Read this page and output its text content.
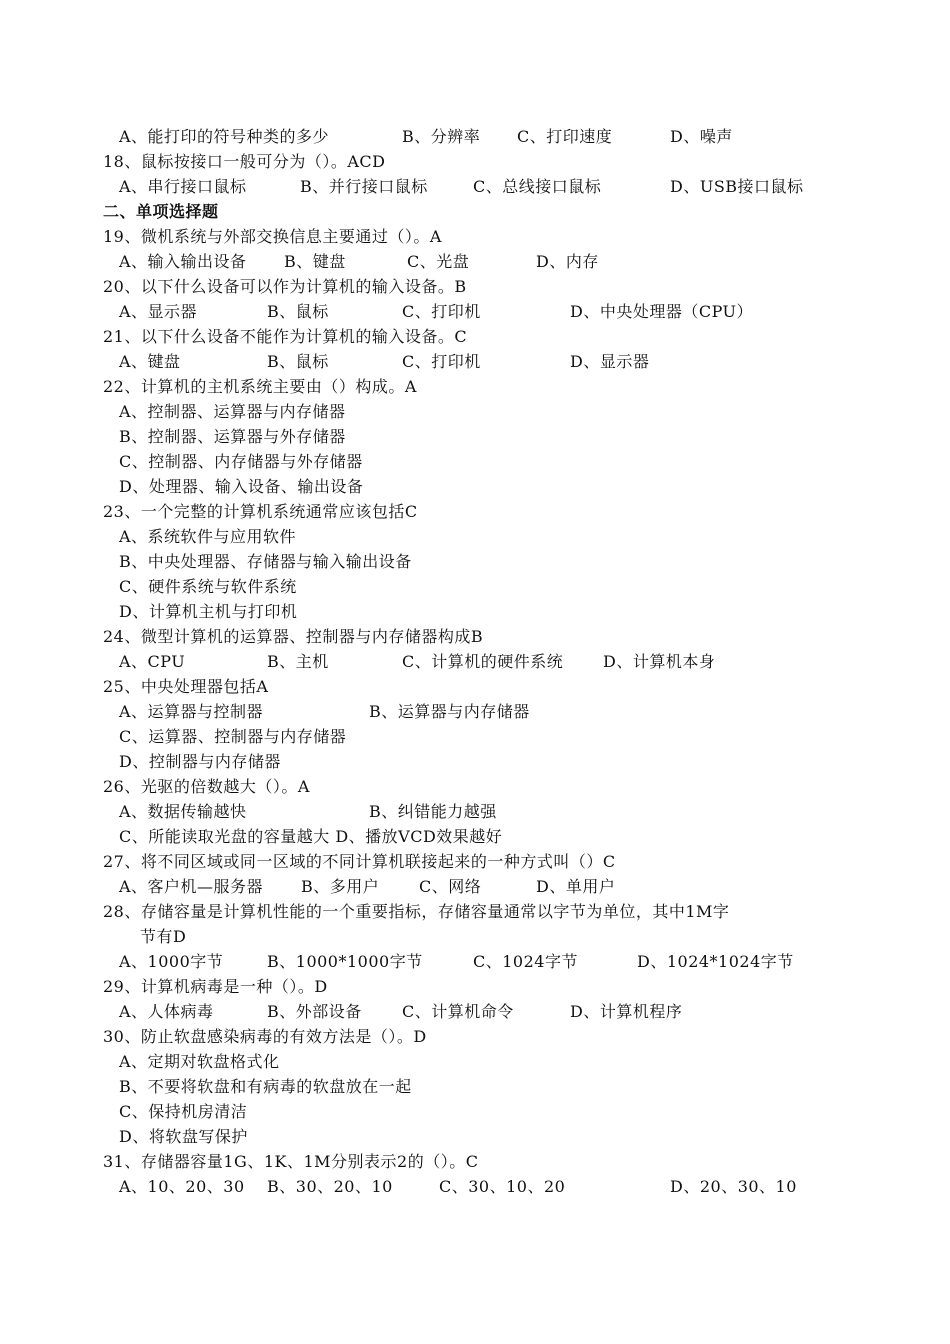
A、能打印的符号种类的多少	B、分辨率 C、打印速度	D、噪声
18、鼠标按接口一般可分为（）。ACD
A、串行接口鼠标	B、并行接口鼠标	C、总线接口鼠标	D、USB接口鼠标
二、单项选择题
19、微机系统与外部交换信息主要通过（）。A
A、输入输出设备 B、键盘	C、光盘	D、内存
20、以下什么设备可以作为计算机的输入设备。B
A、显示器	B、鼠标	C、打印机	D、中央处理器（CPU）
21、以下什么设备不能作为计算机的输入设备。C
A、键盘	B、鼠标	C、打印机	D、显示器
22、计算机的主机系统主要由（）构成。A
A、控制器、运算器与内存储器
B、控制器、运算器与外存储器
C、控制器、内存储器与外存储器
D、处理器、输入设备、输出设备
23、一个完整的计算机系统通常应该包括C
A、系统软件与应用软件
B、中央处理器、存储器与输入输出设备
C、硬件系统与软件系统
D、计算机主机与打印机
24、微型计算机的运算器、控制器与内存储器构成B
A、CPU	B、主机	C、计算机的硬件系统 D、计算机本身
25、中央处理器包括A
A、运算器与控制器	B、运算器与内存储器
C、运算器、控制器与内存储器
D、控制器与内存储器
26、光驱的倍数越大（）。A
A、数据传输越快	B、纠错能力越强
C、所能读取光盘的容量越大 D、播放VCD效果越好
27、将不同区域或同一区域的不同计算机联接起来的一种方式叫（）C
A、客户机—服务器 B、多用户 C、网络	D、单用户
28、存储容量是计算机性能的一个重要指标，存储容量通常以字节为单位，其中1M字
节有D
A、1000字节	B、1000*1000字节	C、1024字节	D、1024*1024字节
29、计算机病毒是一种（）。D
A、人体病毒	B、外部设备	C、计算机命令	D、计算机程序
30、防止软盘感染病毒的有效方法是（）。D
A、定期对软盘格式化
B、不要将软盘和有病毒的软盘放在一起
C、保持机房清洁
D、将软盘写保护
31、存储器容量1G、1K、1M分别表示2的（）。C
A、10、20、30 B、30、20、10	C、30、10、20	D、20、30、10
